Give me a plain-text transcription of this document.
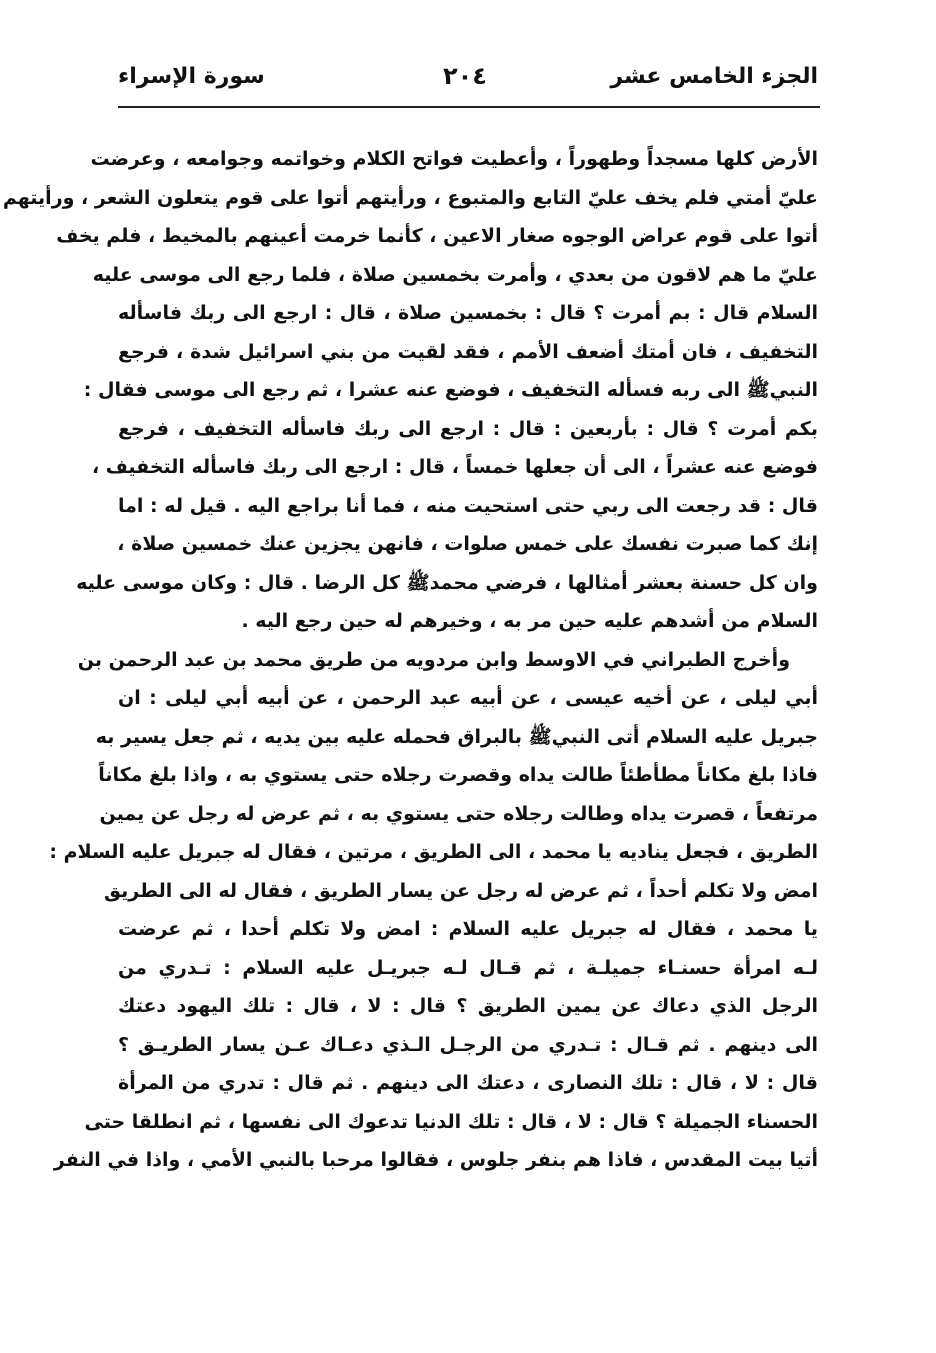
الجزء الخامس عشر
٢٠٤
سورة الإسراء
الأرض كلها مسجداً وطهوراً ، وأعطيت فواتح الكلام وخواتمه وجوامعه ، وعرضت
عليّ أمتي فلم يخف عليّ التابع والمتبوع ، ورأيتهم أتوا على قوم يتعلون الشعر ، ورأيتهم
أتوا على قوم عراض الوجوه صغار الاعين ، كأنما خرمت أعينهم بالمخيط ، فلم يخف
عليّ ما هم لاقون من بعدي ، وأمرت بخمسين صلاة ، فلما رجع الى موسى عليه
السلام قال : بم أمرت ؟ قال : بخمسين صلاة ، قال : ارجع الى ربك فاسأله
التخفيف ، فان أمتك أضعف الأمم ، فقد لقيت من بني اسرائيل شدة ، فرجع
النبيﷺ الى ربه فسأله التخفيف ، فوضع عنه عشرا ، ثم رجع الى موسى فقال :
بكم أمرت ؟ قال : بأربعين : قال : ارجع الى ربك فاسأله التخفيف ، فرجع
فوضع عنه عشراً ، الى أن جعلها خمساً ، قال : ارجع الى ربك فاسأله التخفيف ،
قال : قد رجعت الى ربي حتى استحيت منه ، فما أنا براجع اليه . قيل له : اما
إنك كما صبرت نفسك على خمس صلوات ، فانهن يجزين عنك خمسين صلاة ،
وان كل حسنة بعشر أمثالها ، فرضي محمدﷺ كل الرضا . قال : وكان موسى عليه
السلام من أشدهم عليه حين مر به ، وخيرهم له حين رجع اليه .
وأخرج الطبراني في الاوسط وابن مردويه من طريق محمد بن عبد الرحمن بن
أبي ليلى ، عن أخيه عيسى ، عن أبيه عبد الرحمن ، عن أبيه أبي ليلى : ان
جبريل عليه السلام أتى النبيﷺ بالبراق فحمله عليه بين يديه ، ثم جعل يسير به
فاذا بلغ مكاناً مطأطئاً طالت يداه وقصرت رجلاه حتى يستوي به ، واذا بلغ مكاناً
مرتفعاً ، قصرت يداه وطالت رجلاه حتى يستوي به ، ثم عرض له رجل عن يمين
الطريق ، فجعل يناديه يا محمد ، الى الطريق ، مرتين ، فقال له جبريل عليه السلام :
امض ولا تكلم أحداً ، ثم عرض له رجل عن يسار الطريق ، فقال له الى الطريق
يا محمد ، فقال له جبريل عليه السلام : امض ولا تكلم أحدا ، ثم عرضت
لـه امرأة حسنـاء جميلـة ، ثم قـال لـه جبريـل عليه السلام : تـدري من
الرجل الذي دعاك عن يمين الطريق ؟ قال : لا ، قال : تلك اليهود دعتك
الى دينهم . ثم قـال : تـدري من الرجـل الـذي دعـاك عـن يسار الطريـق ؟
قال : لا ، قال : تلك النصارى ، دعتك الى دينهم . ثم قال : تدري من المرأة
الحسناء الجميلة ؟ قال : لا ، قال : تلك الدنيا تدعوك الى نفسها ، ثم انطلقا حتى
أتيا بيت المقدس ، فاذا هم بنفر جلوس ، فقالوا مرحبا بالنبي الأمي ، واذا في النفر
